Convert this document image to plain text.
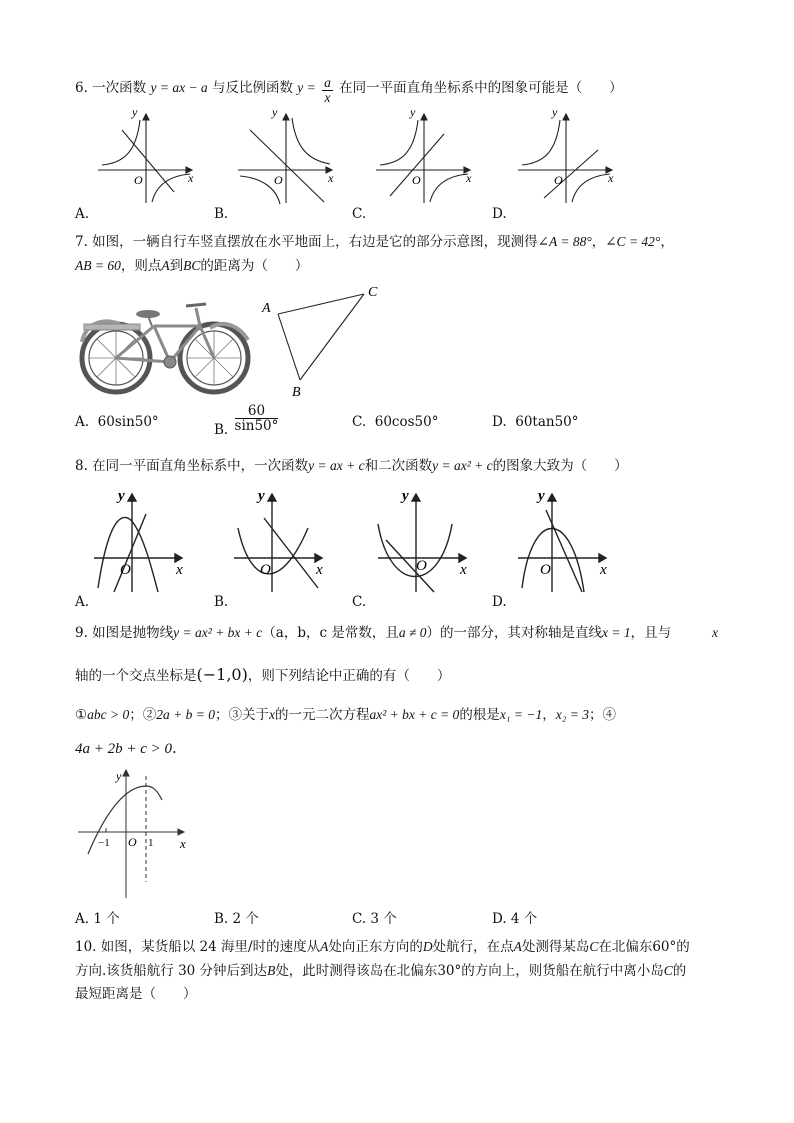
6. 一次函数 y = ax − a 与反比例函数 $y = \frac{a}{x}$ 在同一平面直角坐标系中的图象可能是（　　）
y
x
O
y
x
O
y
x
O
y
x
O
A.	B.	C.	D.
7. 如图，一辆自行车竖直摆放在水平地面上，右边是它的部分示意图，现测得∠A = 88°，∠C = 42°，
AB = 60，则点A到BC的距离为（　　）
A
C
B
A. 60sin50°
B. $\frac{60}{\sin 50^\circ}$	C. 60cos50°	D. 60tan50°
8. 在同一平面直角坐标系中，一次函数y = ax + c和二次函数y = ax² + c的图象大致为（　　）
y
x
O
y
x
O
y
x
O
y
x
O
A.	B.	C.	D.
9. 如图是抛物线y = ax² + bx + c（a，b，c 是常数，且a ≠ 0）的一部分，其对称轴是直线x = 1，且与	x
轴的一个交点坐标是(−1,0)，则下列结论中正确的有（　　）
①abc > 0；②2a + b = 0；③关于x的一元二次方程ax² + bx + c = 0的根是x₁ = −1，x₂ = 3；④
4a + 2b + c > 0.
y
x
O
−1	1
A. 1 个	B. 2 个	C. 3 个	D. 4 个
10. 如图，某货船以 24 海里/时的速度从A处向正东方向的D处航行，在点A处测得某岛C在北偏东60°的
方向.该货船航行 30 分钟后到达B处，此时测得该岛在北偏东30°的方向上，则货船在航行中离小岛C的
最短距离是（　　）
